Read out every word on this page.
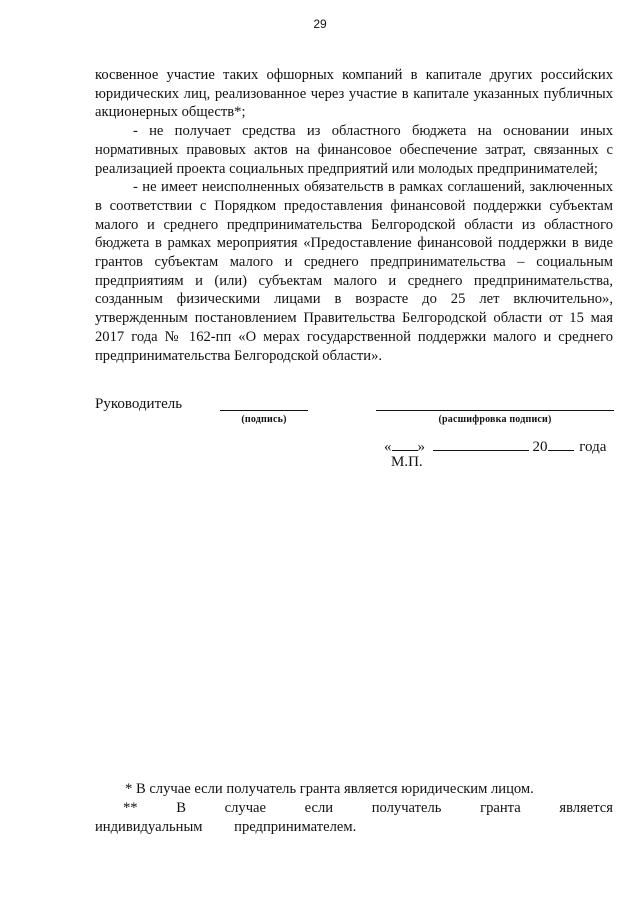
29

косвенное участие таких офшорных компаний в капитале других российских юридических лиц, реализованное через участие в капитале указанных публичных акционерных обществ*;

- не получает средства из областного бюджета на основании иных нормативных правовых актов на финансовое обеспечение затрат, связанных с реализацией проекта социальных предприятий или молодых предпринимателей;

- не имеет неисполненных обязательств в рамках соглашений, заключенных в соответствии с Порядком предоставления финансовой поддержки субъектам малого и среднего предпринимательства Белгородской области из областного бюджета в рамках мероприятия «Предоставление финансовой поддержки в виде грантов субъектам малого и среднего предпринимательства – социальным предприятиям и (или) субъектам малого и среднего предпринимательства, созданным физическими лицами в возрасте до 25 лет включительно», утвержденным постановлением Правительства Белгородской области от 15 мая 2017 года № 162-пп «О мерах государственной поддержки малого и среднего предпринимательства Белгородской области».

Руководитель
(подпись)	(расшифровка подписи)
« »	20 года
М.П.

* В случае если получатель гранта является юридическим лицом.

** В случае если получатель гранта является индивидуальным предпринимателем.
